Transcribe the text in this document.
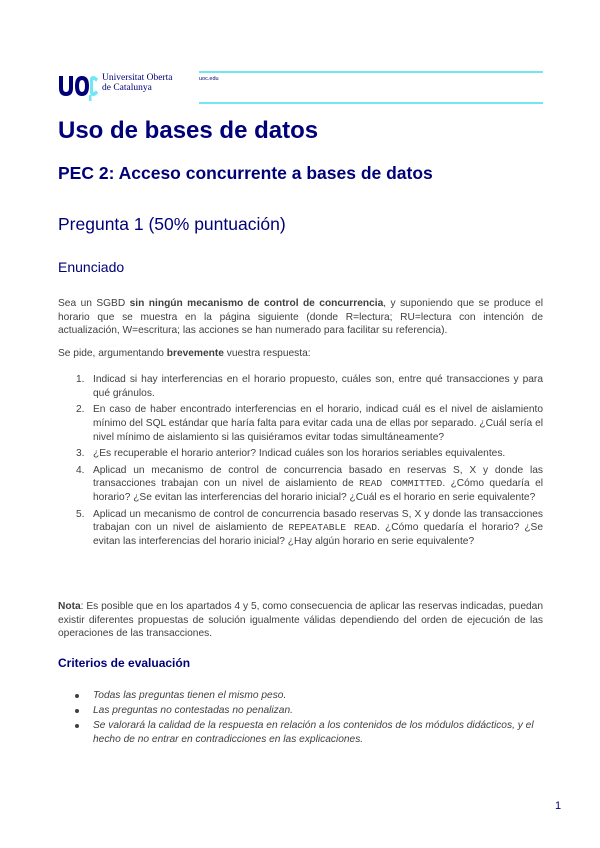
Universitat Oberta
de Catalunya
uoc.edu
Uso de bases de datos
PEC 2: Acceso concurrente a bases de datos
Pregunta 1 (50% puntuación)
Enunciado

Sea un SGBD sin ningún mecanismo de control de concurrencia, y suponiendo que se produce el horario que se muestra en la página siguiente (donde R=lectura; RU=lectura con intención de actualización, W=escritura; las acciones se han numerado para facilitar su referencia).

Se pide, argumentando brevemente vuestra respuesta:

1. Indicad si hay interferencias en el horario propuesto, cuáles son, entre qué transacciones y para qué gránulos.
2. En caso de haber encontrado interferencias en el horario, indicad cuál es el nivel de aislamiento mínimo del SQL estándar que haría falta para evitar cada una de ellas por separado. ¿Cuál sería el nivel mínimo de aislamiento si las quisiéramos evitar todas simultáneamente?
3. ¿Es recuperable el horario anterior? Indicad cuáles son los horarios seriables equivalentes.
4. Aplicad un mecanismo de control de concurrencia basado en reservas S, X y donde las transacciones trabajan con un nivel de aislamiento de READ COMMITTED. ¿Cómo quedaría el horario? ¿Se evitan las interferencias del horario inicial? ¿Cuál es el horario en serie equivalente?
5. Aplicad un mecanismo de control de concurrencia basado reservas S, X y donde las transacciones trabajan con un nivel de aislamiento de REPEATABLE READ. ¿Cómo quedaría el horario? ¿Se evitan las interferencias del horario inicial? ¿Hay algún horario en serie equivalente?

Nota: Es posible que en los apartados 4 y 5, como consecuencia de aplicar las reservas indicadas, puedan existir diferentes propuestas de solución igualmente válidas dependiendo del orden de ejecución de las operaciones de las transacciones.

Criterios de evaluación
Todas las preguntas tienen el mismo peso.
Las preguntas no contestadas no penalizan.
Se valorará la calidad de la respuesta en relación a los contenidos de los módulos didácticos, y el hecho de no entrar en contradicciones en las explicaciones.
1
